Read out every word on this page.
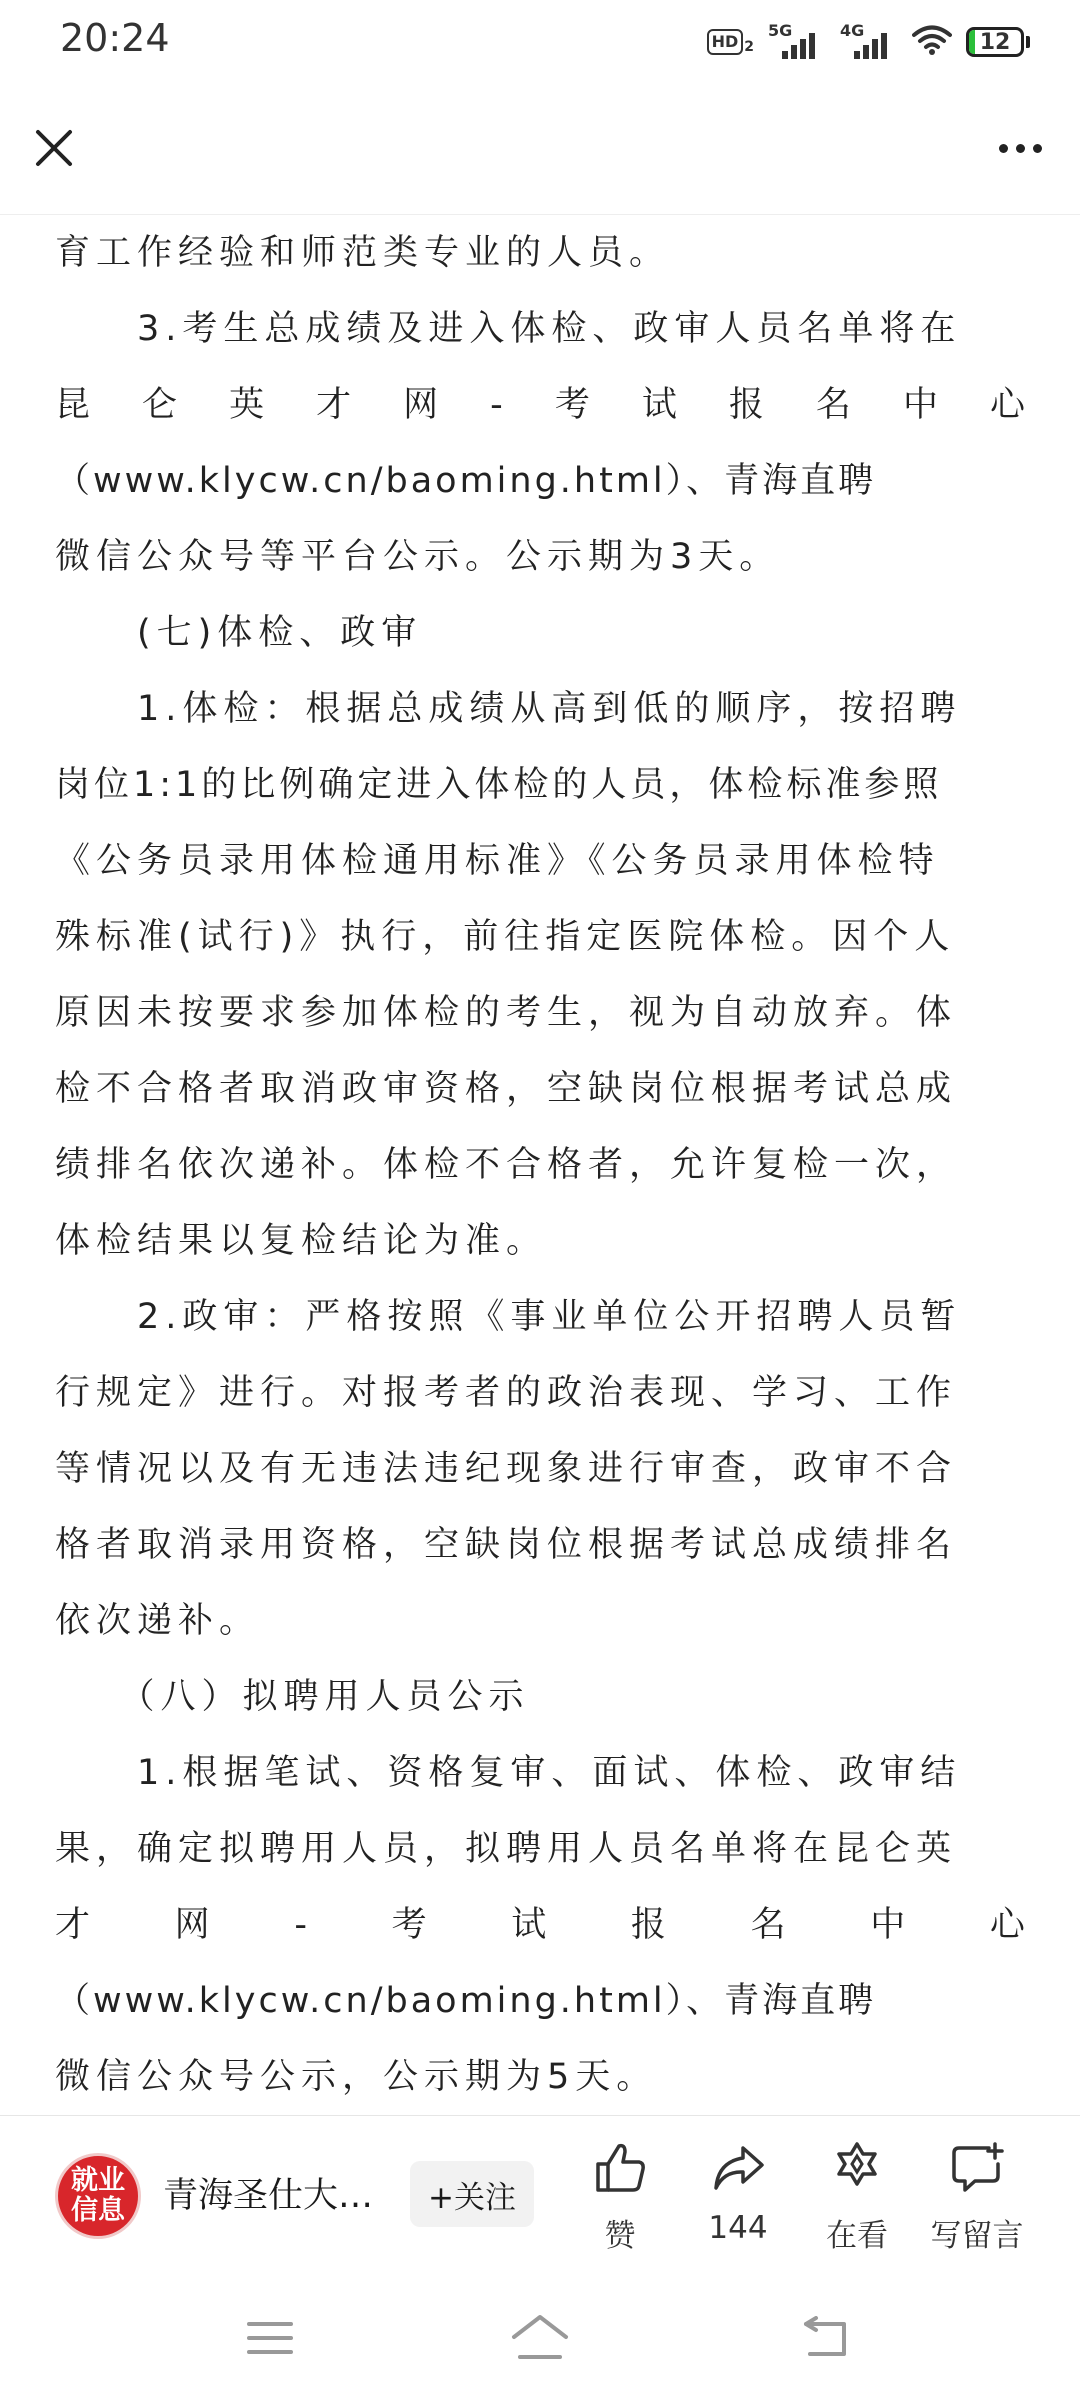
20:24	HD 2
5G	4G	12
育工作经验和师范类专业的人员。
　　3.考生总成绩及进入体检、政审人员名单将在
昆 仑 英 才 网 - 考 试 报 名 中 心
（www.klycw.cn/baoming.html）、青海直聘
微信公众号等平台公示。公示期为3天。
　　(七)体检、政审
　　1.体检：根据总成绩从高到低的顺序，按招聘
岗位1:1的比例确定进入体检的人员，体检标准参照
《公务员录用体检通用标准》《公务员录用体检特
殊标准(试行)》执行，前往指定医院体检。因个人
原因未按要求参加体检的考生，视为自动放弃。体
检不合格者取消政审资格，空缺岗位根据考试总成
绩排名依次递补。体检不合格者，允许复检一次，
体检结果以复检结论为准。
　　2.政审：严格按照《事业单位公开招聘人员暂
行规定》进行。对报考者的政治表现、学习、工作
等情况以及有无违法违纪现象进行审查，政审不合
格者取消录用资格，空缺岗位根据考试总成绩排名
依次递补。
　　（八）拟聘用人员公示
　　1.根据笔试、资格复审、面试、体检、政审结
果，确定拟聘用人员，拟聘用人员名单将在昆仑英
才 网 - 考 试 报 名 中 心
（www.klycw.cn/baoming.html）、青海直聘
微信公众号公示，公示期为5天。
就业
信息 青海圣仕大…	+关注
赞 144 在看 写留言
